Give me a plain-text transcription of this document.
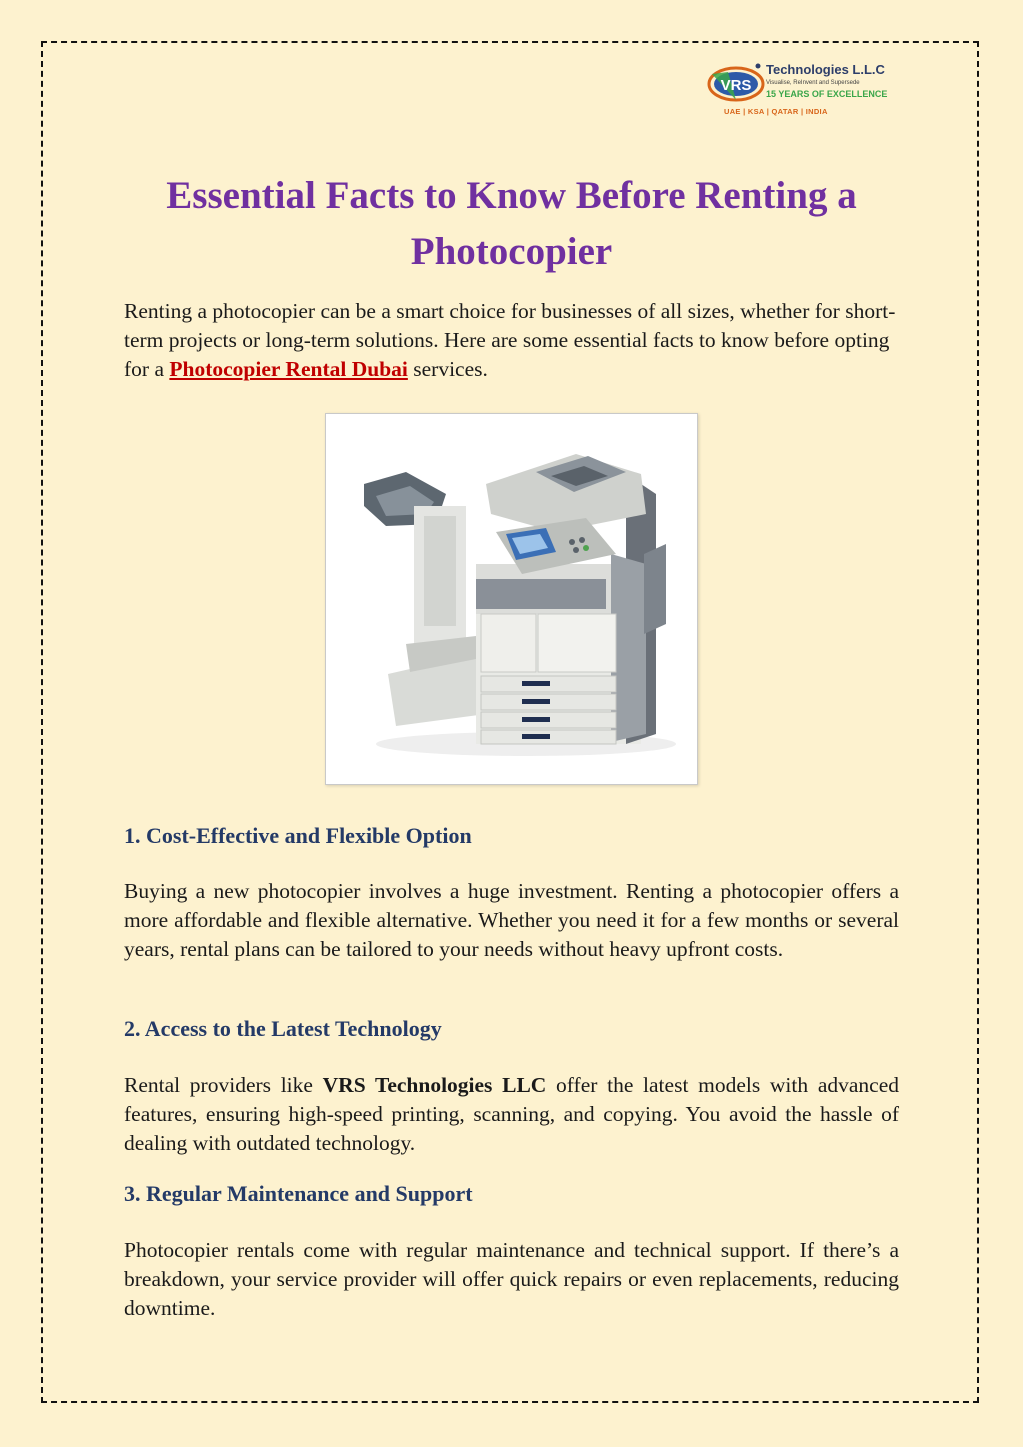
VRS
Technologies L.L.C
Visualise, ReInvent and Supersede
15 YEARS OF EXCELLENCE
UAE | KSA | QATAR | INDIA
Essential Facts to Know Before Renting a Photocopier

Renting a photocopier can be a smart choice for businesses of all sizes, whether for short-term projects or long-term solutions. Here are some essential facts to know before opting for a Photocopier Rental Dubai services.

1. Cost-Effective and Flexible Option

Buying a new photocopier involves a huge investment. Renting a photocopier offers a more affordable and flexible alternative. Whether you need it for a few months or several years, rental plans can be tailored to your needs without heavy upfront costs.

2. Access to the Latest Technology

Rental providers like VRS Technologies LLC offer the latest models with advanced features, ensuring high-speed printing, scanning, and copying. You avoid the hassle of dealing with outdated technology.

3. Regular Maintenance and Support

Photocopier rentals come with regular maintenance and technical support. If there’s a breakdown, your service provider will offer quick repairs or even replacements, reducing downtime.
